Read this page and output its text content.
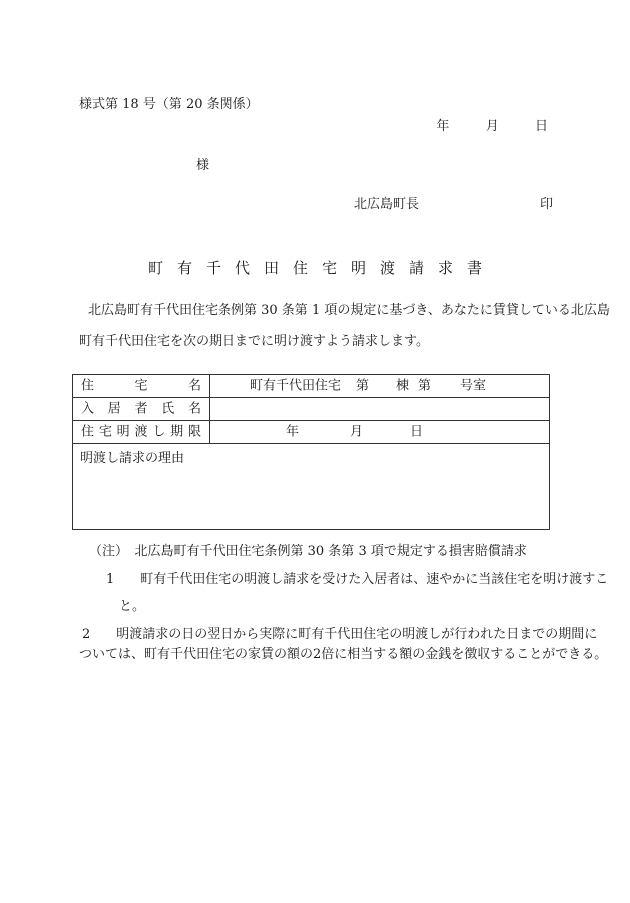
様式第 18 号（第 20 条関係）
年	月	日
様
北広島町長	印
町有千代田住宅明渡請求書
北広島町有千代田住宅条例第 30 条第 1 項の規定に基づき、あなたに賃貸している北広島
町有千代田住宅を次の期日までに明け渡すよう請求します。
住	宅	名	町有千代田住宅 第 棟 第 号室
入 居 者 氏 名
住 宅 明 渡 し 期 限	年	月	日
明渡し請求の理由
（注）　北広島町有千代田住宅条例第 30 条第 3 項で規定する損害賠償請求
1　　町有千代田住宅の明渡し請求を受けた入居者は、速やかに当該住宅を明け渡すこ
と。
2　　明渡請求の日の翌日から実際に町有千代田住宅の明渡しが行われた日までの期間に
ついては、町有千代田住宅の家賃の額の2倍に相当する額の金銭を徴収することができる。
